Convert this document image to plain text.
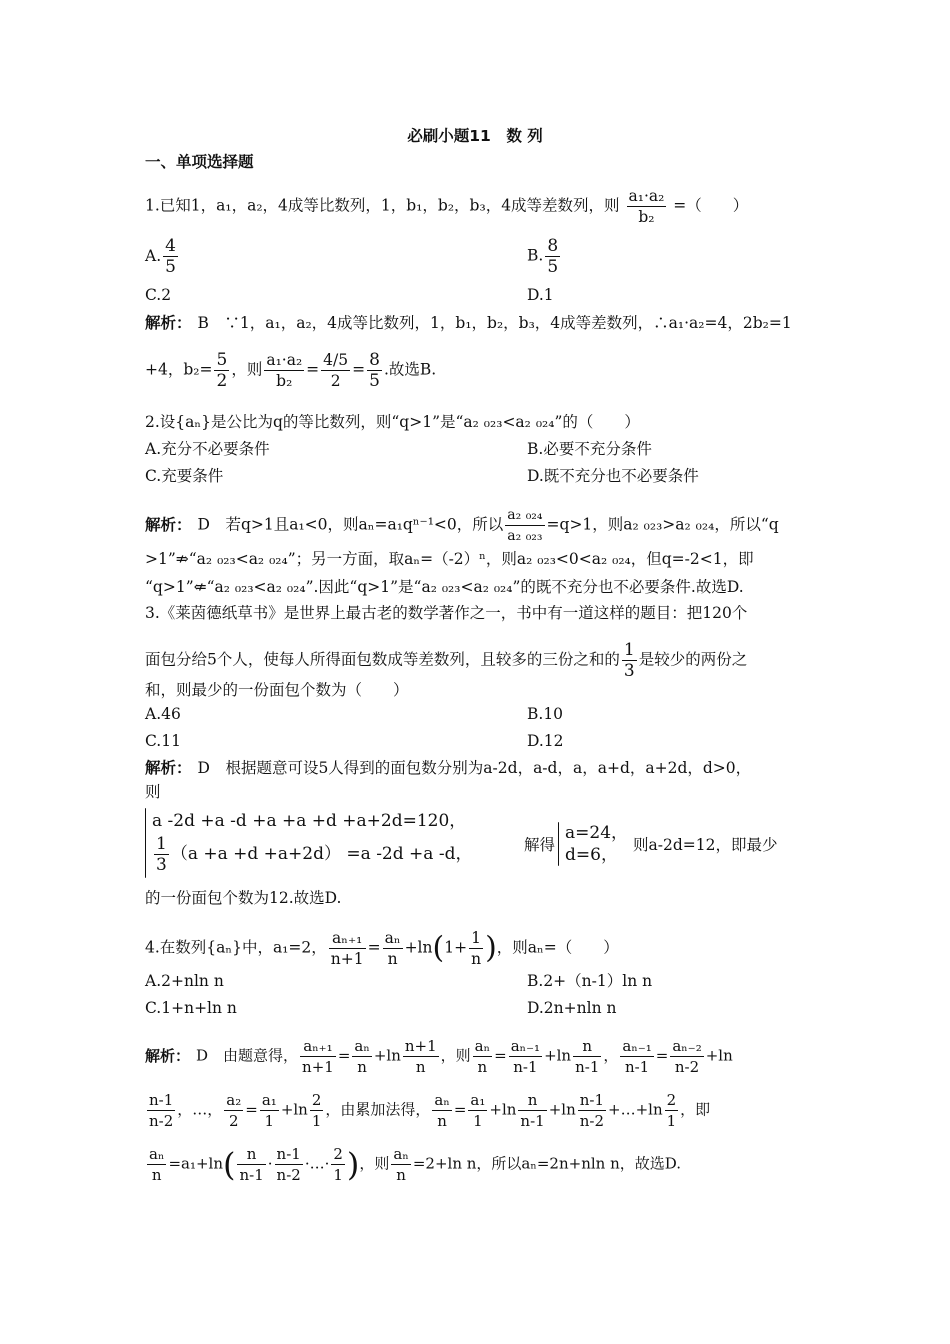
必刷小题11　数 列
一、单项选择题
1.已知1，a₁，a₂，4成等比数列，1，b₁，b₂，b₃，4成等差数列，则 $\frac{\text{a₁·a₂}}{\text{b₂}}$ =（　　）
A. $\frac{4}{5}$	B. $\frac{8}{5}$
C.2	D.1
解析： B　∵1，a₁，a₂，4成等比数列，1，b₁，b₂，b₃，4成等差数列，∴a₁·a₂=4，2b₂=1
+4，$b_2= \frac{5}{2}$ ，则 $\frac{\text{a₁·a₂}}{\text{b₂}} = \frac{4/5}{2} = \frac{8}{5}$ .故选B.
2.设{aₙ}是公比为q的等比数列，则“q>1”是“a₂ ₀₂₃<a₂ ₀₂₄”的（　　）
A.充分不必要条件	B.必要不充分条件
C.充要条件	D.既不充分也不必要条件
解析： D　若q>1且a₁<0，则aₙ=a₁qⁿ⁻¹<0，所以 $\frac{\text{a₂ ₀₂₄}}{\text{a₂ ₀₂₃}} =q>1$，则a₂ ₀₂₃>a₂ ₀₂₄，所以“q
>1”⇏“a₂ ₀₂₃<a₂ ₀₂₄”；另一方面，取aₙ=（-2）ⁿ，则a₂ ₀₂₃<0<a₂ ₀₂₄，但q=-2<1，即
“q>1”⇍“a₂ ₀₂₃<a₂ ₀₂₄”.因此“q>1”是“a₂ ₀₂₃<a₂ ₀₂₄”的既不充分也不必要条件.故选D.
3.《莱茵德纸草书》是世界上最古老的数学著作之一，书中有一道这样的题目：把120个
面包分给5个人，使每人所得面包数成等差数列，且较多的三份之和的 $\frac{1}{3}$ 是较少的两份之
和，则最少的一份面包个数为（　　）
A.46	B.10
C.11	D.12
解析： D　根据题意可设5人得到的面包数分别为a-2d，a-d，a，a+d，a+2d，d>0，
则
a -2d +a -d +a +a +d +a+2d=120，
$\frac{1}{3} (a +a +d +a+2d) =a$ -2d +a -d，	解得
a=24，
d=6， 则a-2d=12，即最少
的一份面包个数为12.故选D.
4.在数列{aₙ}中，a₁=2， $\frac{\text{aₙ₊₁}}{n+1} = \frac{\text{aₙ}}{n} +\ln(1+ \frac{1}{n}$ )，则aₙ=（　　）
A.2+nln n	B.2+（n-1）ln n
C.1+n+ln n	D.2n+nln n
解析： D　由题意得， $\frac{\text{aₙ₊₁}}{n+1} = \frac{\text{aₙ}}{n} +\ln \frac{n+1}{n}$ ，则 $\frac{\text{aₙ}}{n} = \frac{\text{aₙ₋₁}}{n-1} +\ln \frac{n}{n-1}$ ， $\frac{\text{aₙ₋₁}}{n-1} = \frac{\text{aₙ₋₂}}{n-2} +\ln$
$\frac{n-1}{n-2}$ ，…， $\frac{\text{a₂}}{2} = \frac{\text{a₁}}{1} +\ln \frac{2}{1}$ ，由累加法得， $\frac{\text{aₙ}}{n} = \frac{\text{a₁}}{1} +\ln \frac{n}{n-1} +\ln \frac{n-1}{n-2}$ +…+ln $\frac{2}{1}$ ，即
$\frac{\text{aₙ}}{n} =a_1+\ln( \frac{n}{n-1} \cdot \frac{n-1}{n-2}$ ·…· $\frac{2}{1}$ )，则 $\frac{\text{aₙ}}{n} =2+\ln$ n，所以aₙ=2n+nln n，故选D.
